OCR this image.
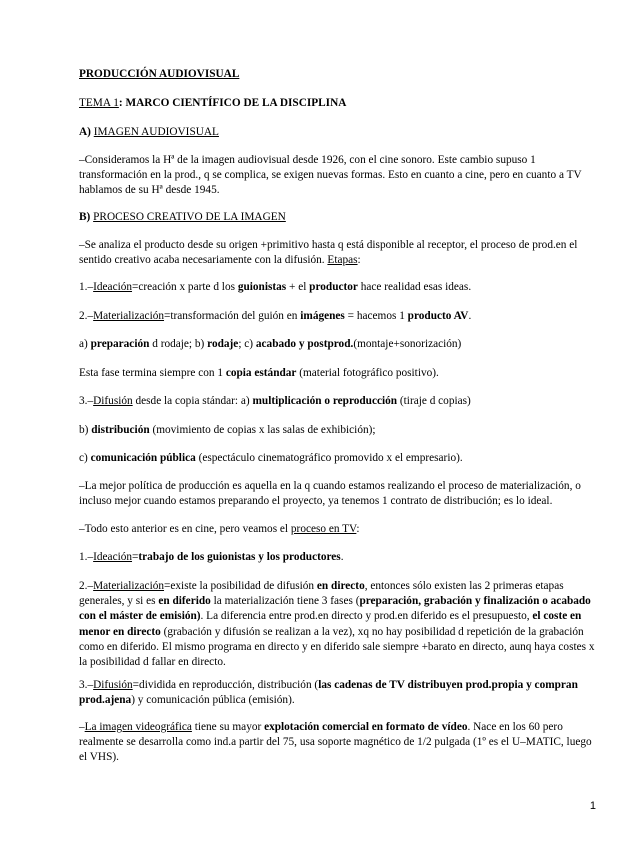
PRODUCCIÓN AUDIOVISUAL

TEMA 1: MARCO CIENTÍFICO DE LA DISCIPLINA

A) IMAGEN AUDIOVISUAL

–Consideramos la Hª de la imagen audiovisual desde 1926, con el cine sonoro. Este cambio supuso 1 transformación en la prod., q se complica, se exigen nuevas formas. Esto en cuanto a cine, pero en cuanto a TV hablamos de su Hª desde 1945.

B) PROCESO CREATIVO DE LA IMAGEN

–Se analiza el producto desde su origen +primitivo hasta q está disponible al receptor, el proceso de prod.en el sentido creativo acaba necesariamente con la difusión. Etapas:

1.–Ideación=creación x parte d los guionistas + el productor hace realidad esas ideas.

2.–Materialización=transformación del guión en imágenes = hacemos 1 producto AV.

a) preparación d rodaje; b) rodaje; c) acabado y postprod.(montaje+sonorización)

Esta fase termina siempre con 1 copia estándar (material fotográfico positivo).

3.–Difusión desde la copia stándar: a) multiplicación o reproducción (tiraje d copias)

b) distribución (movimiento de copias x las salas de exhibición);

c) comunicación pública (espectáculo cinematográfico promovido x el empresario).

–La mejor política de producción es aquella en la q cuando estamos realizando el proceso de materialización, o incluso mejor cuando estamos preparando el proyecto, ya tenemos 1 contrato de distribución; es lo ideal.

–Todo esto anterior es en cine, pero veamos el proceso en TV:

1.–Ideación=trabajo de los guionistas y los productores.

2.–Materialización=existe la posibilidad de difusión en directo, entonces sólo existen las 2 primeras etapas generales, y si es en diferido la materialización tiene 3 fases (preparación, grabación y finalización o acabado con el máster de emisión). La diferencia entre prod.en directo y prod.en diferido es el presupuesto, el coste en menor en directo (grabación y difusión se realizan a la vez), xq no hay posibilidad d repetición de la grabación como en diferido. El mismo programa en directo y en diferido sale siempre +barato en directo, aunq haya costes x la posibilidad d fallar en directo.

3.–Difusión=dividida en reproducción, distribución (las cadenas de TV distribuyen prod.propia y compran prod.ajena) y comunicación pública (emisión).

–La imagen videográfica tiene su mayor explotación comercial en formato de vídeo. Nace en los 60 pero realmente se desarrolla como ind.a partir del 75, usa soporte magnético de 1/2 pulgada (1º es el U–MATIC, luego el VHS).

1
